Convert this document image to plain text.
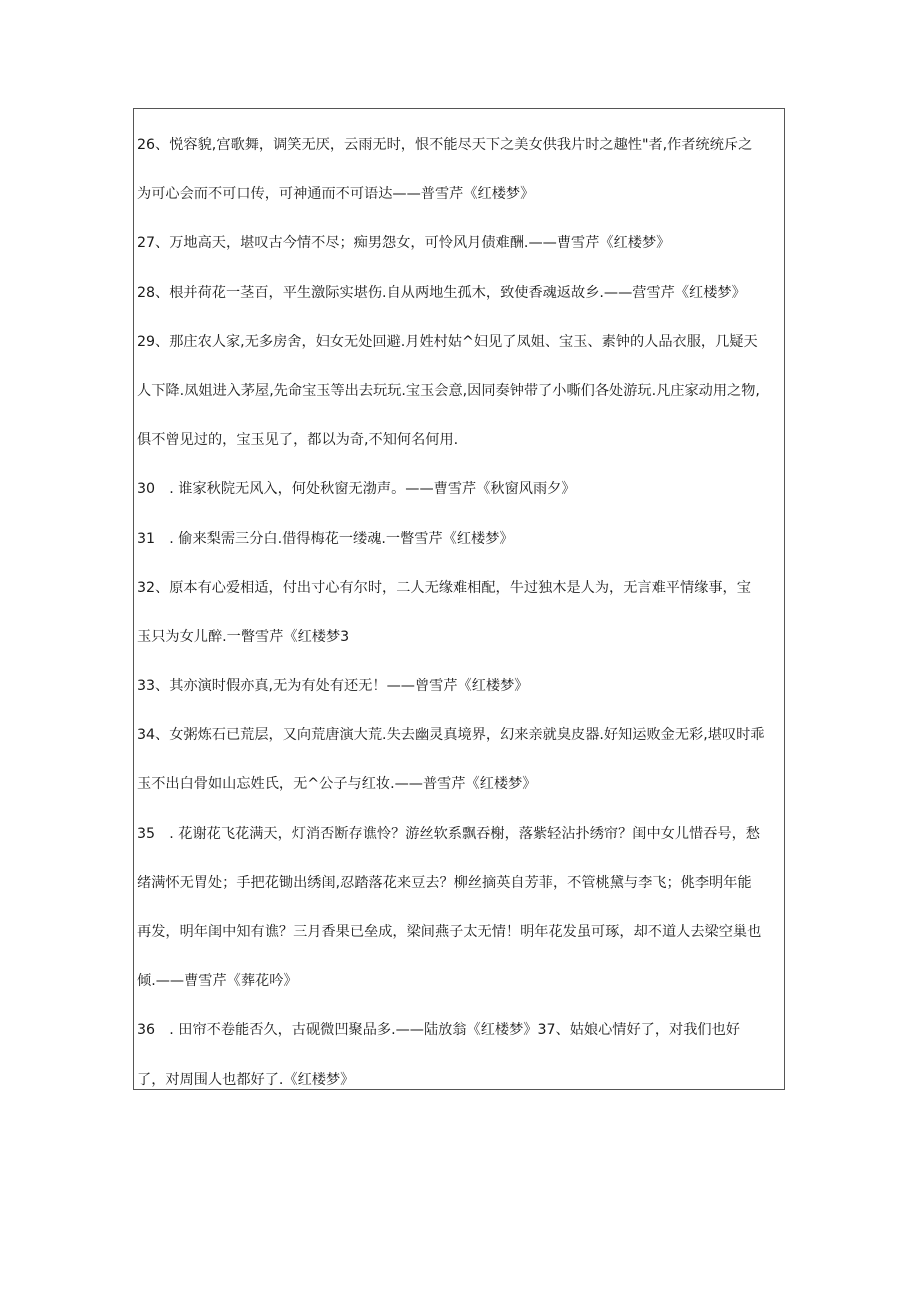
26、悦容貌,宫歌舞，调笑无厌，云雨无时，恨不能尽天下之美女供我片时之趣性"者,作者统统斥之
为可心会而不可口传，可神通而不可语达——普雪芹《红楼梦》
27、万地高天，堪叹古今情不尽；痴男怨女，可怜风月债难酬.——曹雪芹《红楼梦》
28、根并荷花一茎百，平生激际实堪伤.自从两地生孤木，致使香魂返故乡.——营雪芹《红楼梦》
29、那庄农人家,无多房舍，妇女无处回避.月姓村姑^妇见了凤姐、宝玉、素钟的人品衣服，几疑天
人下降.凤姐进入茅屋,先命宝玉等出去玩玩.宝玉会意,因同奏钟带了小嘶们各处游玩.凡庄家动用之物,
俱不曾见过的，宝玉见了，都以为奇,不知何名何用.
30　. 谁家秋院无风入，何处秋窗无渤声。——曹雪芹《秋窗风雨夕》
31　. 偷来梨需三分白.借得梅花一缕魂.一瞥雪芹《红楼梦》
32、原本有心爱相适，付出寸心有尔时，二人无缘难相配，牛过独木是人为，无言难平情缘事，宝
玉只为女儿醉.一瞥雪芹《红楼梦3
33、其亦演时假亦真,无为有处有还无！——曾雪芹《红楼梦》
34、女粥炼石已荒层，又向荒唐演大荒.失去幽灵真境界，幻来亲就臭皮器.好知运败金无彩,堪叹时乖
玉不出白骨如山忘姓氏，无^公子与红妆.——普雪芹《红楼梦》
35　. 花谢花飞花满天，灯消否断存谯怜？游丝软系飘吞榭，落紫轻沾扑绣帘？闺中女儿惜吞号，愁
绪满怀无胃处；手把花锄出绣闺,忍踏落花来豆去？柳丝摘英自芳菲，不管桃黛与李飞；佻李明年能
再发，明年闺中知有谯？三月香果已垒成，梁间燕子太无情！明年花发虽可琢，却不道人去梁空巢也
倾.——曹雪芹《葬花吟》
36　. 田帘不卷能否久，古砚微凹聚品多.——陆放翁《红楼梦》37、姑娘心情好了，对我们也好
了，对周围人也都好了.《红楼梦》
